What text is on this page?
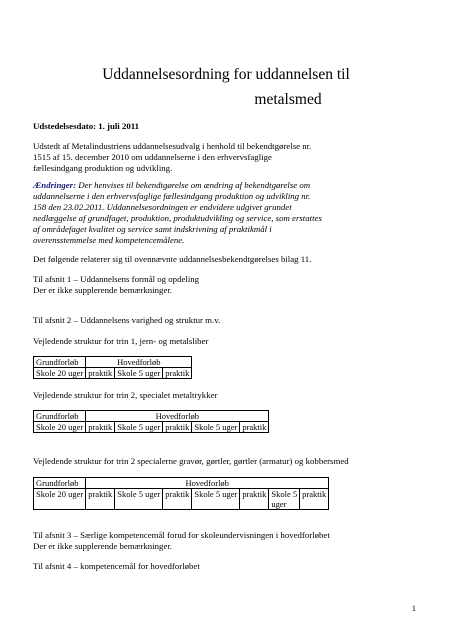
Uddannelsesordning for uddannelsen til
metalsmed

Udstedelsesdato: 1. juli 2011

Udstedt af Metalindustriens uddannelsesudvalg i henhold til bekendtgørelse nr.
1515 af 15. december 2010 om uddannelserne i den erhvervsfaglige
fællesindgang produktion og udvikling.
Ændringer: Der henvises til bekendtgørelse om ændring af bekendtgørelse om
uddannelserne i den erhvervsfaglige fællesindgang produktion og udvikling nr.
158 den 23.02.2011. Uddannelsesordningen er endvidere udgivet grundet
nedlæggelse af grundfaget, produktion, produktudvikling og service, som erstattes
af områdefaget kvalitet og service samt indskrivning af praktikmål i
overensstemmelse med kompetencemålene.

Det følgende relaterer sig til ovennævnte uddannelsesbekendtgørelses bilag 11.

Til afsnit 1 – Uddannelsens formål og opdeling
Der er ikke supplerende bemærkninger.

Til afsnit 2 – Uddannelsens varighed og struktur m.v.

Vejledende struktur for trin 1, jern- og metalsliber

Grundforløb	Hovedforløb		
Skole 20 uger	praktik	Skole 5 uger	praktik

Vejledende struktur for trin 2, specialet metaltrykker

Grundforløb	Hovedforløb				
Skole 20 uger	praktik	Skole 5 uger	praktik	Skole 5 uger	praktik

Vejledende struktur for trin 2 specialerne gravør, gørtler, gørtler (armatur) og kobbersmed

Grundforløb	Hovedforløb						
Skole 20 uger	praktik	Skole 5 uger	praktik	Skole 5 uger	praktik	Skole 5
uger	praktik
Til afsnit 3 – Særlige kompetencemål forud for skoleundervisningen i hovedforløbet
Der er ikke supplerende bemærkninger.

Til afsnit 4 – kompetencemål for hovedforløbet

1
